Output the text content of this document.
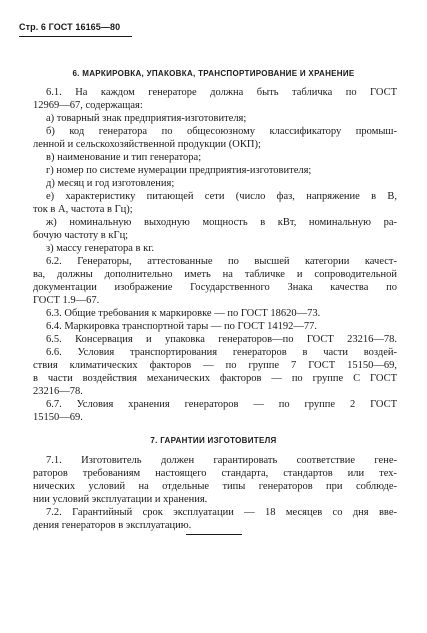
Стр. 6 ГОСТ 16165—80
6. МАРКИРОВКА, УПАКОВКА, ТРАНСПОРТИРОВАНИЕ И ХРАНЕНИЕ
6.1. На каждом генераторе должна быть табличка по ГОСТ
12969—67, содержащая:
а) товарный знак предприятия-изготовителя;
б) код генератора по общесоюзному классификатору промыш-
ленной и сельскохозяйственной продукции (ОКП);
в) наименование и тип генератора;
г) номер по системе нумерации предприятия-изготовителя;
д) месяц и год изготовления;
е) характеристику питающей сети (число фаз, напряжение в В,
ток в А, частота в Гц);
ж) номинальную выходную мощность в кВт, номинальную ра-
бочую частоту в кГц;
з) массу генератора в кг.
6.2. Генераторы, аттестованные по высшей категории качест-
ва, должны дополнительно иметь на табличке и сопроводительной
документации изображение Государственного Знака качества по
ГОСТ 1.9—67.
6.3. Общие требования к маркировке — по ГОСТ 18620—73.
6.4. Маркировка транспортной тары — по ГОСТ 14192—77.
6.5. Консервация и упаковка генераторов—по ГОСТ 23216—78.
6.6. Условия транспортирования генераторов в части воздей-
ствия климатических факторов — по группе 7 ГОСТ 15150—69,
в части воздействия механических факторов — по группе С ГОСТ
23216—78.
6.7. Условия хранения генераторов — по группе 2 ГОСТ
15150—69.
7. ГАРАНТИИ ИЗГОТОВИТЕЛЯ
7.1. Изготовитель должен гарантировать соответствие гене-
раторов требованиям настоящего стандарта, стандартов или тех-
нических условий на отдельные типы генераторов при соблюде-
нии условий эксплуатации и хранения.
7.2. Гарантийный срок эксплуатации — 18 месяцев со дня вве-
дения генераторов в эксплуатацию.
